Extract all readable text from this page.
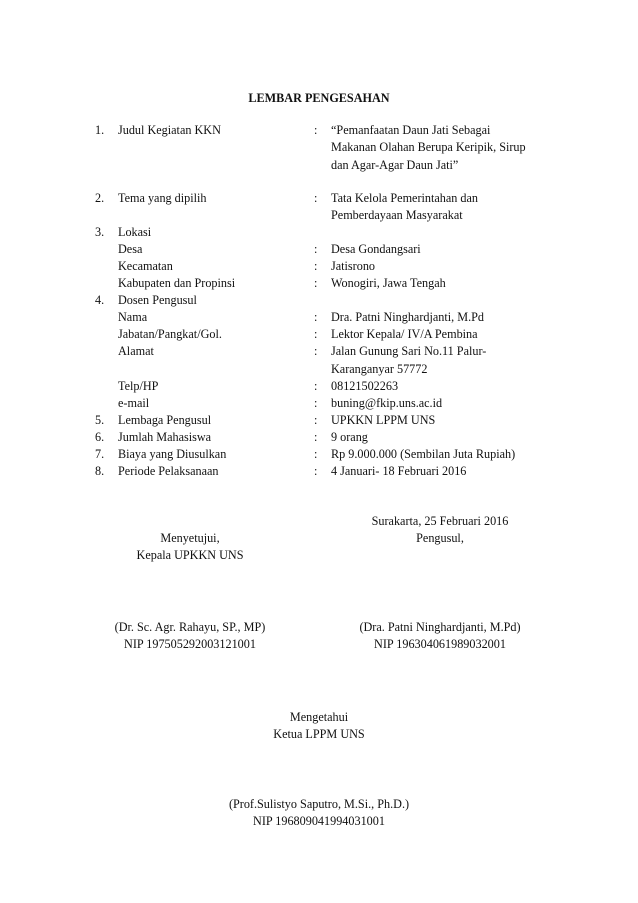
LEMBAR PENGESAHAN
1. Judul Kegiatan KKN	: “Pemanfaatan Daun Jati Sebagai
Makanan Olahan Berupa Keripik, Sirup
dan Agar-Agar Daun Jati”
2. Tema yang dipilih	: Tata Kelola Pemerintahan dan
Pemberdayaan Masyarakat
3. Lokasi
Desa	: Desa Gondangsari
Kecamatan	: Jatisrono
Kabupaten dan Propinsi	: Wonogiri, Jawa Tengah
4. Dosen Pengusul
Nama	: Dra. Patni Ninghardjanti, M.Pd
Jabatan/Pangkat/Gol.	: Lektor Kepala/ IV/A Pembina
Alamat	: Jalan Gunung Sari No.11 Palur-
Karanganyar 57772
Telp/HP	: 08121502263
e-mail	: buning@fkip.uns.ac.id
5. Lembaga Pengusul	: UPKKN LPPM UNS
6. Jumlah Mahasiswa	: 9 orang
7. Biaya yang Diusulkan	: Rp 9.000.000 (Sembilan Juta Rupiah)
8. Periode Pelaksanaan	: 4 Januari- 18 Februari 2016
Surakarta, 25 Februari 2016
Pengusul,
Menyetujui,
Kepala UPKKN UNS
(Dr. Sc. Agr. Rahayu, SP., MP)
NIP 197505292003121001
(Dra. Patni Ninghardjanti, M.Pd)
NIP 196304061989032001
Mengetahui
Ketua LPPM UNS
(Prof.Sulistyo Saputro, M.Si., Ph.D.)
NIP 196809041994031001
